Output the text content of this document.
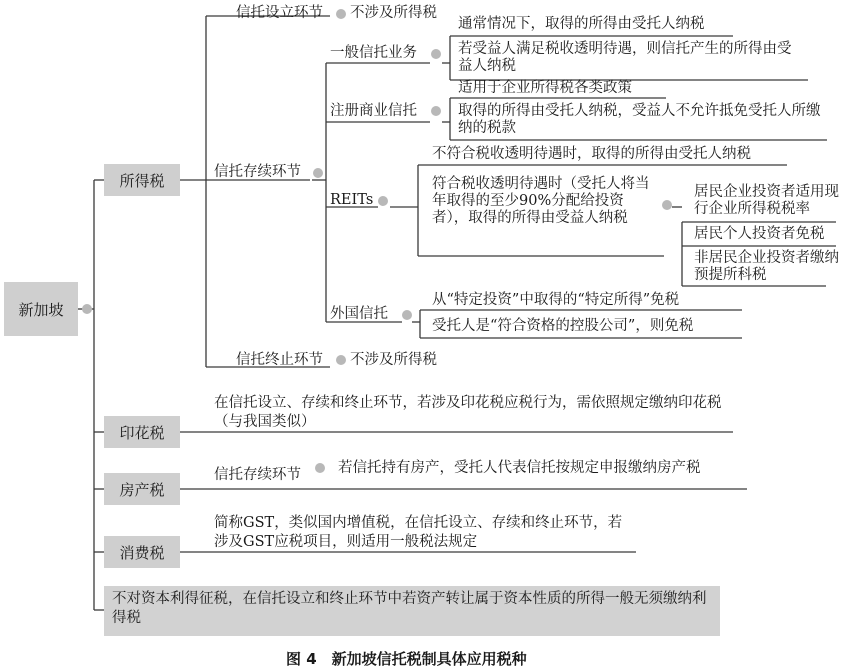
新加坡
所得税
信托设立环节 不涉及所得税
信托存续环节
信托终止环节 不涉及所得税
一般信托业务
通常情况下，取得的所得由受托人纳税
若受益人满足税收透明待遇，则信托产生的所得由受益人纳税
注册商业信托
适用于企业所得税各类政策
取得的所得由受托人纳税，受益人不允许抵免受托人所缴纳的税款
REITs
不符合税收透明待遇时，取得的所得由受托人纳税
符合税收透明待遇时（受托人将当年取得的至少90%分配给投资者），取得的所得由受益人纳税
居民企业投资者适用现行企业所得税税率
居民个人投资者免税
非居民企业投资者缴纳预提所科税
外国信托
从“特定投资”中取得的“特定所得”免税
受托人是“符合资格的控股公司”，则免税
印花税
在信托设立、存续和终止环节，若涉及印花税应税行为，需依照规定缴纳印花税（与我国类似）
房产税
信托存续环节	若信托持有房产，受托人代表信托按规定申报缴纳房产税
消费税
简称GST，类似国内增值税，在信托设立、存续和终止环节，若涉及GST应税项目，则适用一般税法规定
不对资本利得征税，在信托设立和终止环节中若资产转让属于资本性质的所得一般无须缴纳利得税
图 4　新加坡信托税制具体应用税种
